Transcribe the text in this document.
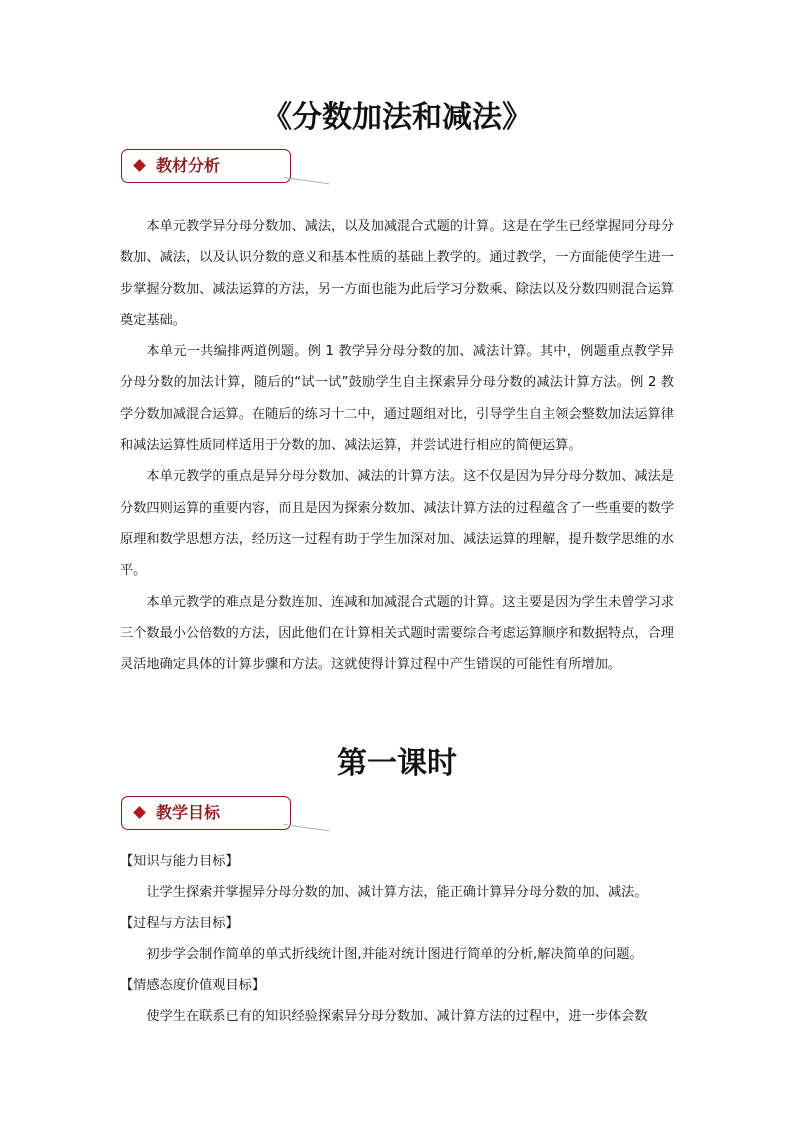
《分数加法和减法》
教材分析

本单元教学异分母分数加、减法，以及加减混合式题的计算。这是在学生已经掌握同分母分数加、减法，以及认识分数的意义和基本性质的基础上教学的。通过教学，一方面能使学生进一步掌握分数加、减法运算的方法，另一方面也能为此后学习分数乘、除法以及分数四则混合运算奠定基础。

本单元一共编排两道例题。例 1 教学异分母分数的加、减法计算。其中，例题重点教学异分母分数的加法计算，随后的“试一试”鼓励学生自主探索异分母分数的减法计算方法。例 2 教学分数加减混合运算。在随后的练习十二中，通过题组对比，引导学生自主领会整数加法运算律和减法运算性质同样适用于分数的加、减法运算，并尝试进行相应的简便运算。

本单元教学的重点是异分母分数加、减法的计算方法。这不仅是因为异分母分数加、减法是分数四则运算的重要内容，而且是因为探索分数加、减法计算方法的过程蕴含了一些重要的数学原理和数学思想方法，经历这一过程有助于学生加深对加、减法运算的理解，提升数学思维的水平。

本单元教学的难点是分数连加、连减和加减混合式题的计算。这主要是因为学生未曾学习求三个数最小公倍数的方法，因此他们在计算相关式题时需要综合考虑运算顺序和数据特点，合理灵活地确定具体的计算步骤和方法。这就使得计算过程中产生错误的可能性有所增加。

第一课时
教学目标

【知识与能力目标】

让学生探索并掌握异分母分数的加、减计算方法，能正确计算异分母分数的加、减法。

【过程与方法目标】

初步学会制作简单的单式折线统计图,并能对统计图进行简单的分析,解决简单的问题。

【情感态度价值观目标】

使学生在联系已有的知识经验探索异分母分数加、减计算方法的过程中，进一步体会数
